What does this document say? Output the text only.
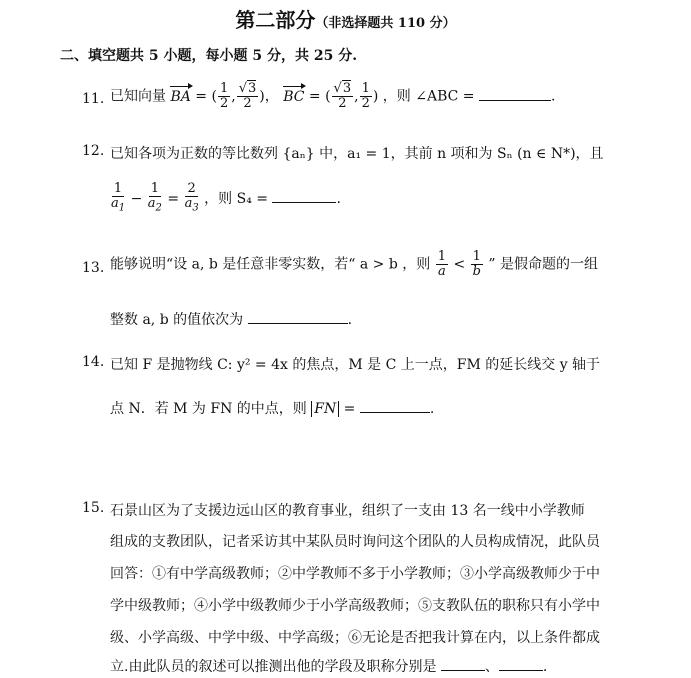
第二部分（非选择题共 110 分）
二、填空题共 5 小题，每小题 5 分，共 25 分.
11. 已知向量 BA = ( $\frac{1}{2}$ , $\frac{√3}{2}$ )， BC = ( $\frac{√3}{2}$ , $\frac{1}{2}$ ) ，则 ∠ABC =	.
12. 已知各项为正数的等比数列 {aₙ} 中，a₁ = 1，其前 n 项和为 Sₙ (n ∈ N*)，且
$\frac{1}{a_1} - \frac{1}{a_2} = \frac{2}{a_3}$ ，则 S₄ =	.
13. 能够说明“设 a, b 是任意非零实数，若“ a > b ，则 $\frac{1}{a} < \frac{1}{b}$ ” 是假命题的一组
整数 a, b 的值依次为	.
14. 已知 F 是抛物线 C: y² = 4x 的焦点，M 是 C 上一点，FM 的延长线交 y 轴于
点 N．若 M 为 FN 的中点，则 FN =	.
15. 石景山区为了支援边远山区的教育事业，组织了一支由 13 名一线中小学教师
组成的支教团队，记者采访其中某队员时询问这个团队的人员构成情况，此队员
回答：①有中学高级教师；②中学教师不多于小学教师；③小学高级教师少于中
学中级教师；④小学中级教师少于小学高级教师；⑤支教队伍的职称只有小学中
级、小学高级、中学中级、中学高级；⑥无论是否把我计算在内，以上条件都成
立.由此队员的叙述可以推测出他的学段及职称分别是	、	.
